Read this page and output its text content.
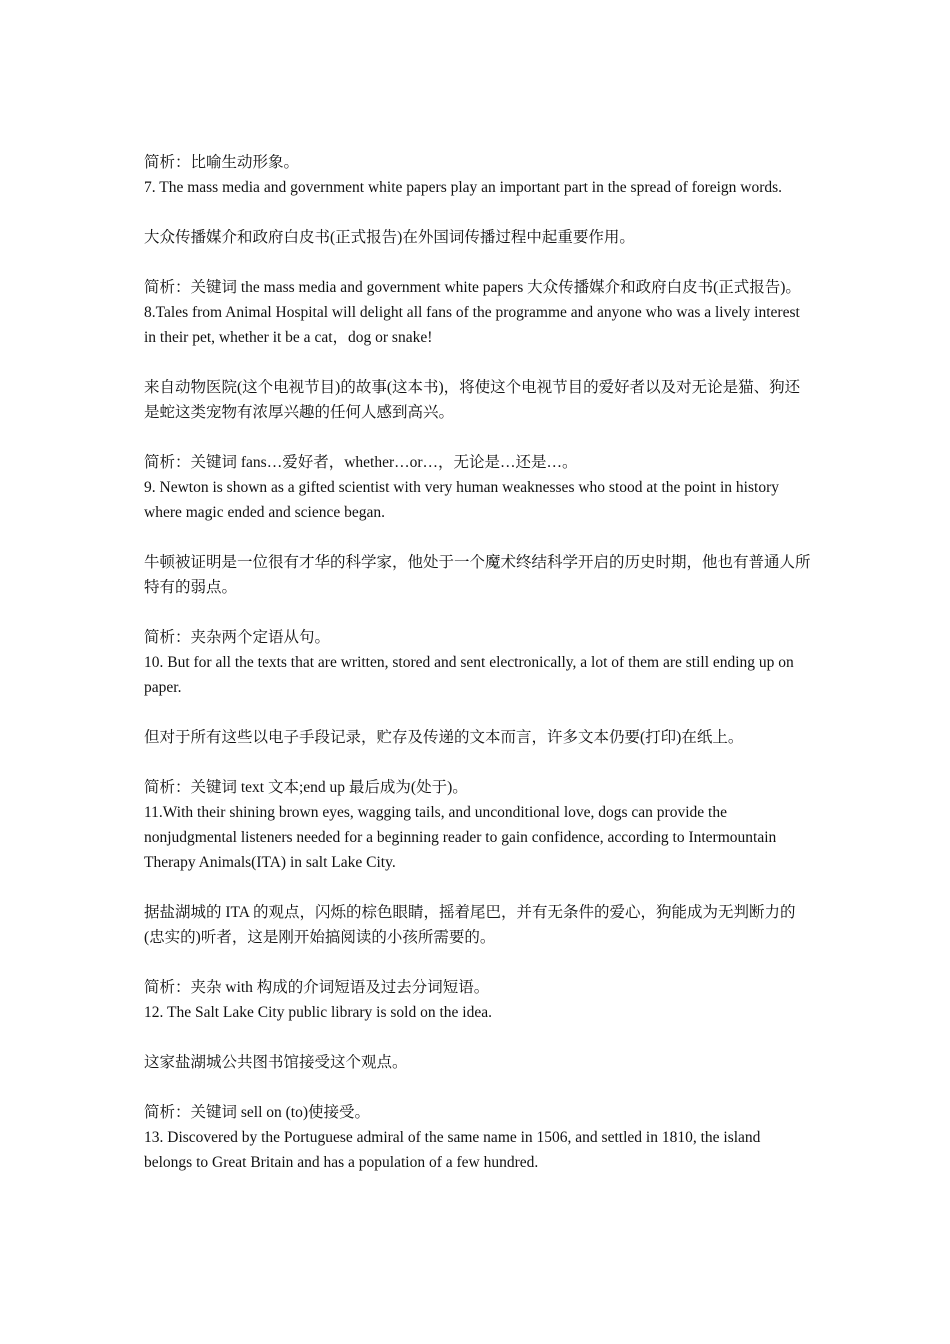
简析：比喻生动形象。

7. The mass media and government white papers play an important part in the spread of foreign words.

大众传播媒介和政府白皮书(正式报告)在外国词传播过程中起重要作用。

简析：关键词 the mass media and government white papers 大众传播媒介和政府白皮书(正式报告)。

8.Tales from Animal Hospital will delight all fans of the programme and anyone who was a lively interest in their pet, whether it be a cat，dog or snake!

来自动物医院(这个电视节目)的故事(这本书)，将使这个电视节目的爱好者以及对无论是猫、狗还是蛇这类宠物有浓厚兴趣的任何人感到高兴。

简析：关键词 fans…爱好者，whether…or…，无论是…还是…。

9. Newton is shown as a gifted scientist with very human weaknesses who stood at the point in history where magic ended and science began.

牛顿被证明是一位很有才华的科学家，他处于一个魔术终结科学开启的历史时期，他也有普通人所特有的弱点。

简析：夹杂两个定语从句。

10. But for all the texts that are written, stored and sent electronically, a lot of them are still ending up on paper.

但对于所有这些以电子手段记录，贮存及传递的文本而言，许多文本仍要(打印)在纸上。

简析：关键词 text 文本;end up 最后成为(处于)。

11.With their shining brown eyes, wagging tails, and unconditional love, dogs can provide the nonjudgmental listeners needed for a beginning reader to gain confidence, according to Intermountain Therapy Animals(ITA) in salt Lake City.

据盐湖城的 ITA 的观点，闪烁的棕色眼睛，摇着尾巴，并有无条件的爱心，狗能成为无判断力的(忠实的)听者，这是刚开始搞阅读的小孩所需要的。

简析：夹杂 with 构成的介词短语及过去分词短语。

12. The Salt Lake City public library is sold on the idea.

这家盐湖城公共图书馆接受这个观点。

简析：关键词 sell on (to)使接受。

13. Discovered by the Portuguese admiral of the same name in 1506, and settled in 1810, the island belongs to Great Britain and has a population of a few hundred.
